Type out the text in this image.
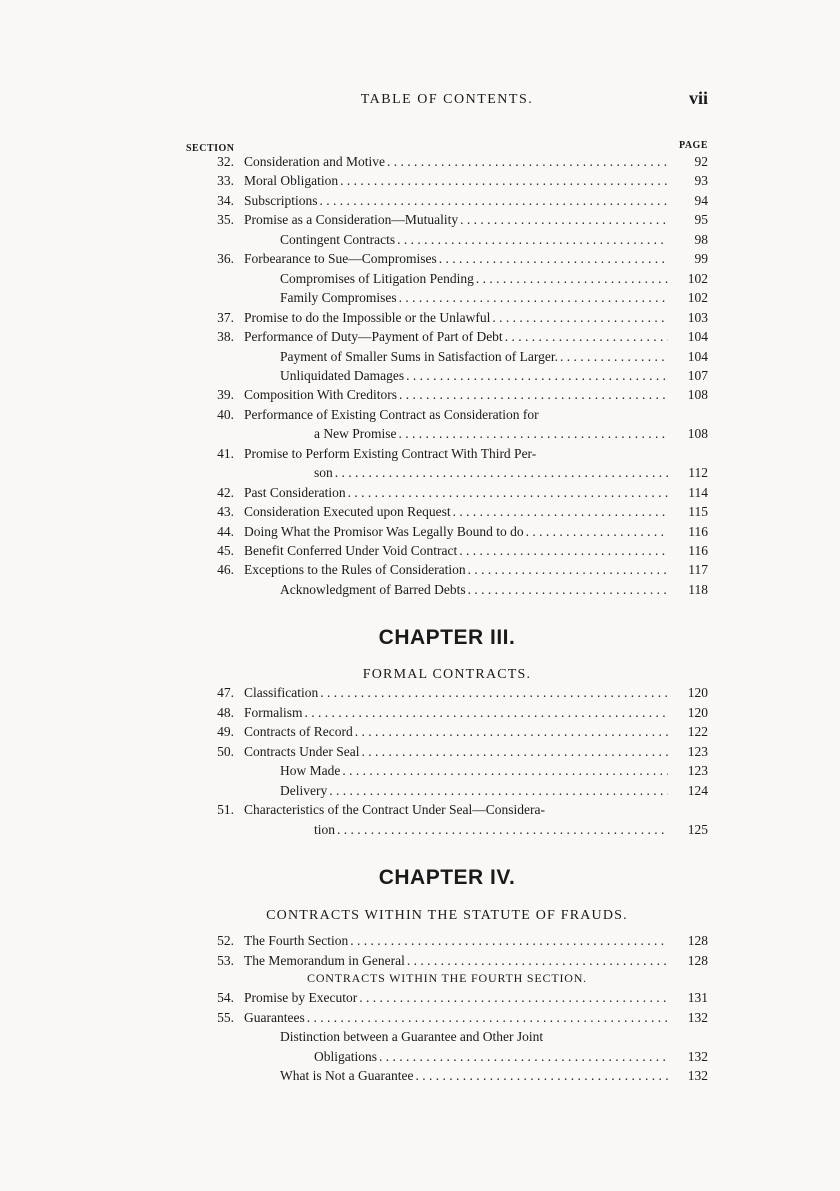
TABLE OF CONTENTS.	vii
SECTION	PAGE
32. Consideration and Motive . . .	92
33. Moral Obligation . . .	93
34. Subscriptions . . .	94
35. Promise as a Consideration—Mutuality . . .	95
Contingent Contracts . . .	98
36. Forbearance to Sue—Compromises . . .	99
Compromises of Litigation Pending . . .	102
Family Compromises . . .	102
37. Promise to do the Impossible or the Unlawful . . .	103
38. Performance of Duty—Payment of Part of Debt . . .	104
Payment of Smaller Sums in Satisfaction of Larger. . . .	104
Unliquidated Damages . . .	107
39. Composition With Creditors . . .	108
40. Performance of Existing Contract as Consideration for
a New Promise . . .	108
41. Promise to Perform Existing Contract With Third Per-
son . . .	112
42. Past Consideration . . .	114
43. Consideration Executed upon Request . . .	115
44. Doing What the Promisor Was Legally Bound to do . . .	116
45. Benefit Conferred Under Void Contract . . .	116
46. Exceptions to the Rules of Consideration . . .	117
Acknowledgment of Barred Debts . . .	118
CHAPTER III.
FORMAL CONTRACTS.
47. Classification . . .	120
48. Formalism . . .	120
49. Contracts of Record . . .	122
50. Contracts Under Seal . . .	123
How Made . . .	123
Delivery . . .	124
51. Characteristics of the Contract Under Seal—Considera-
tion . . .	125
CHAPTER IV.
CONTRACTS WITHIN THE STATUTE OF FRAUDS.
52. The Fourth Section . . .	128
53. The Memorandum in General . . .	128
CONTRACTS WITHIN THE FOURTH SECTION.
54. Promise by Executor . . .	131
55. Guarantees . . .	132
Distinction between a Guarantee and Other Joint
Obligations . . .	132
What is Not a Guarantee . . .	132
